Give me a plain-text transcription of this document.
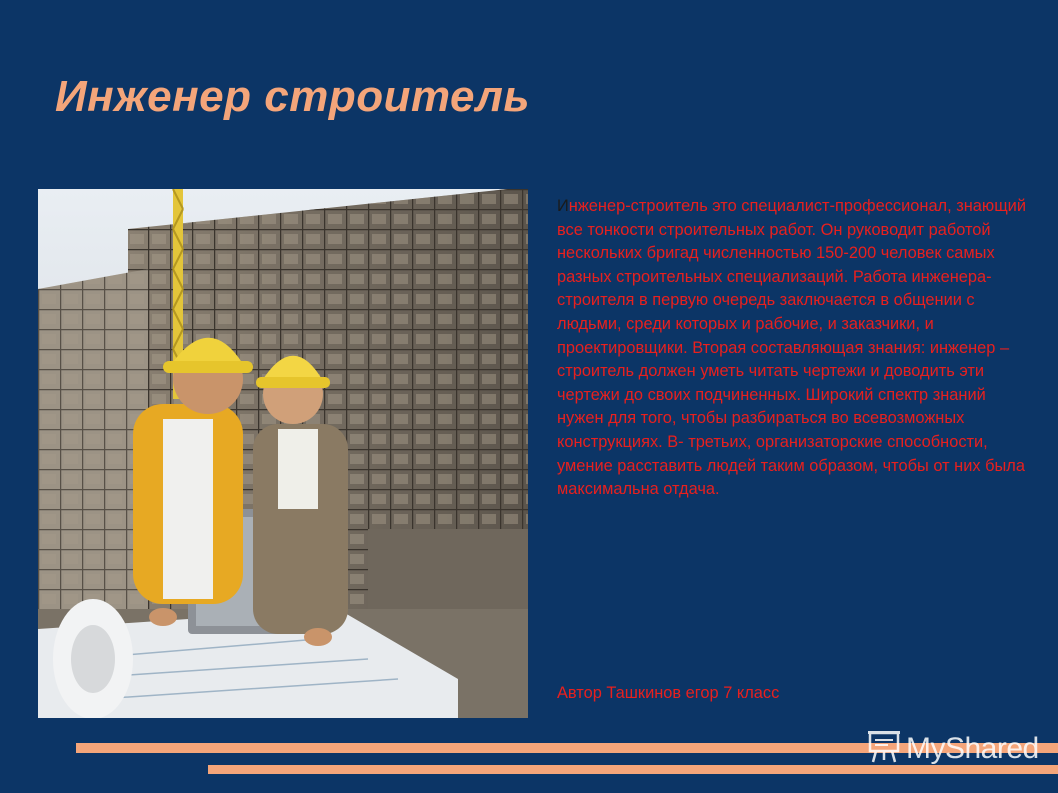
Инженер строитель
Инженер-строитель это специалист-профессионал, знающий все тонкости строительных работ. Он руководит работой нескольких бригад численностью 150-200 человек самых разных строительных специализаций. Работа инженера-строителя в первую очередь заключается в общении с людьми, среди которых и рабочие, и заказчики, и проектировщики. Вторая составляющая знания: инженер – строитель должен уметь читать чертежи и доводить эти чертежи до своих подчиненных. Широкий спектр знаний нужен для того, чтобы разбираться во всевозможных конструкциях. В- третьих, организаторские способности, умение расставить людей таким образом, чтобы от них была максимальна отдача.
Автор Ташкинов егор 7 класс
MyShared
